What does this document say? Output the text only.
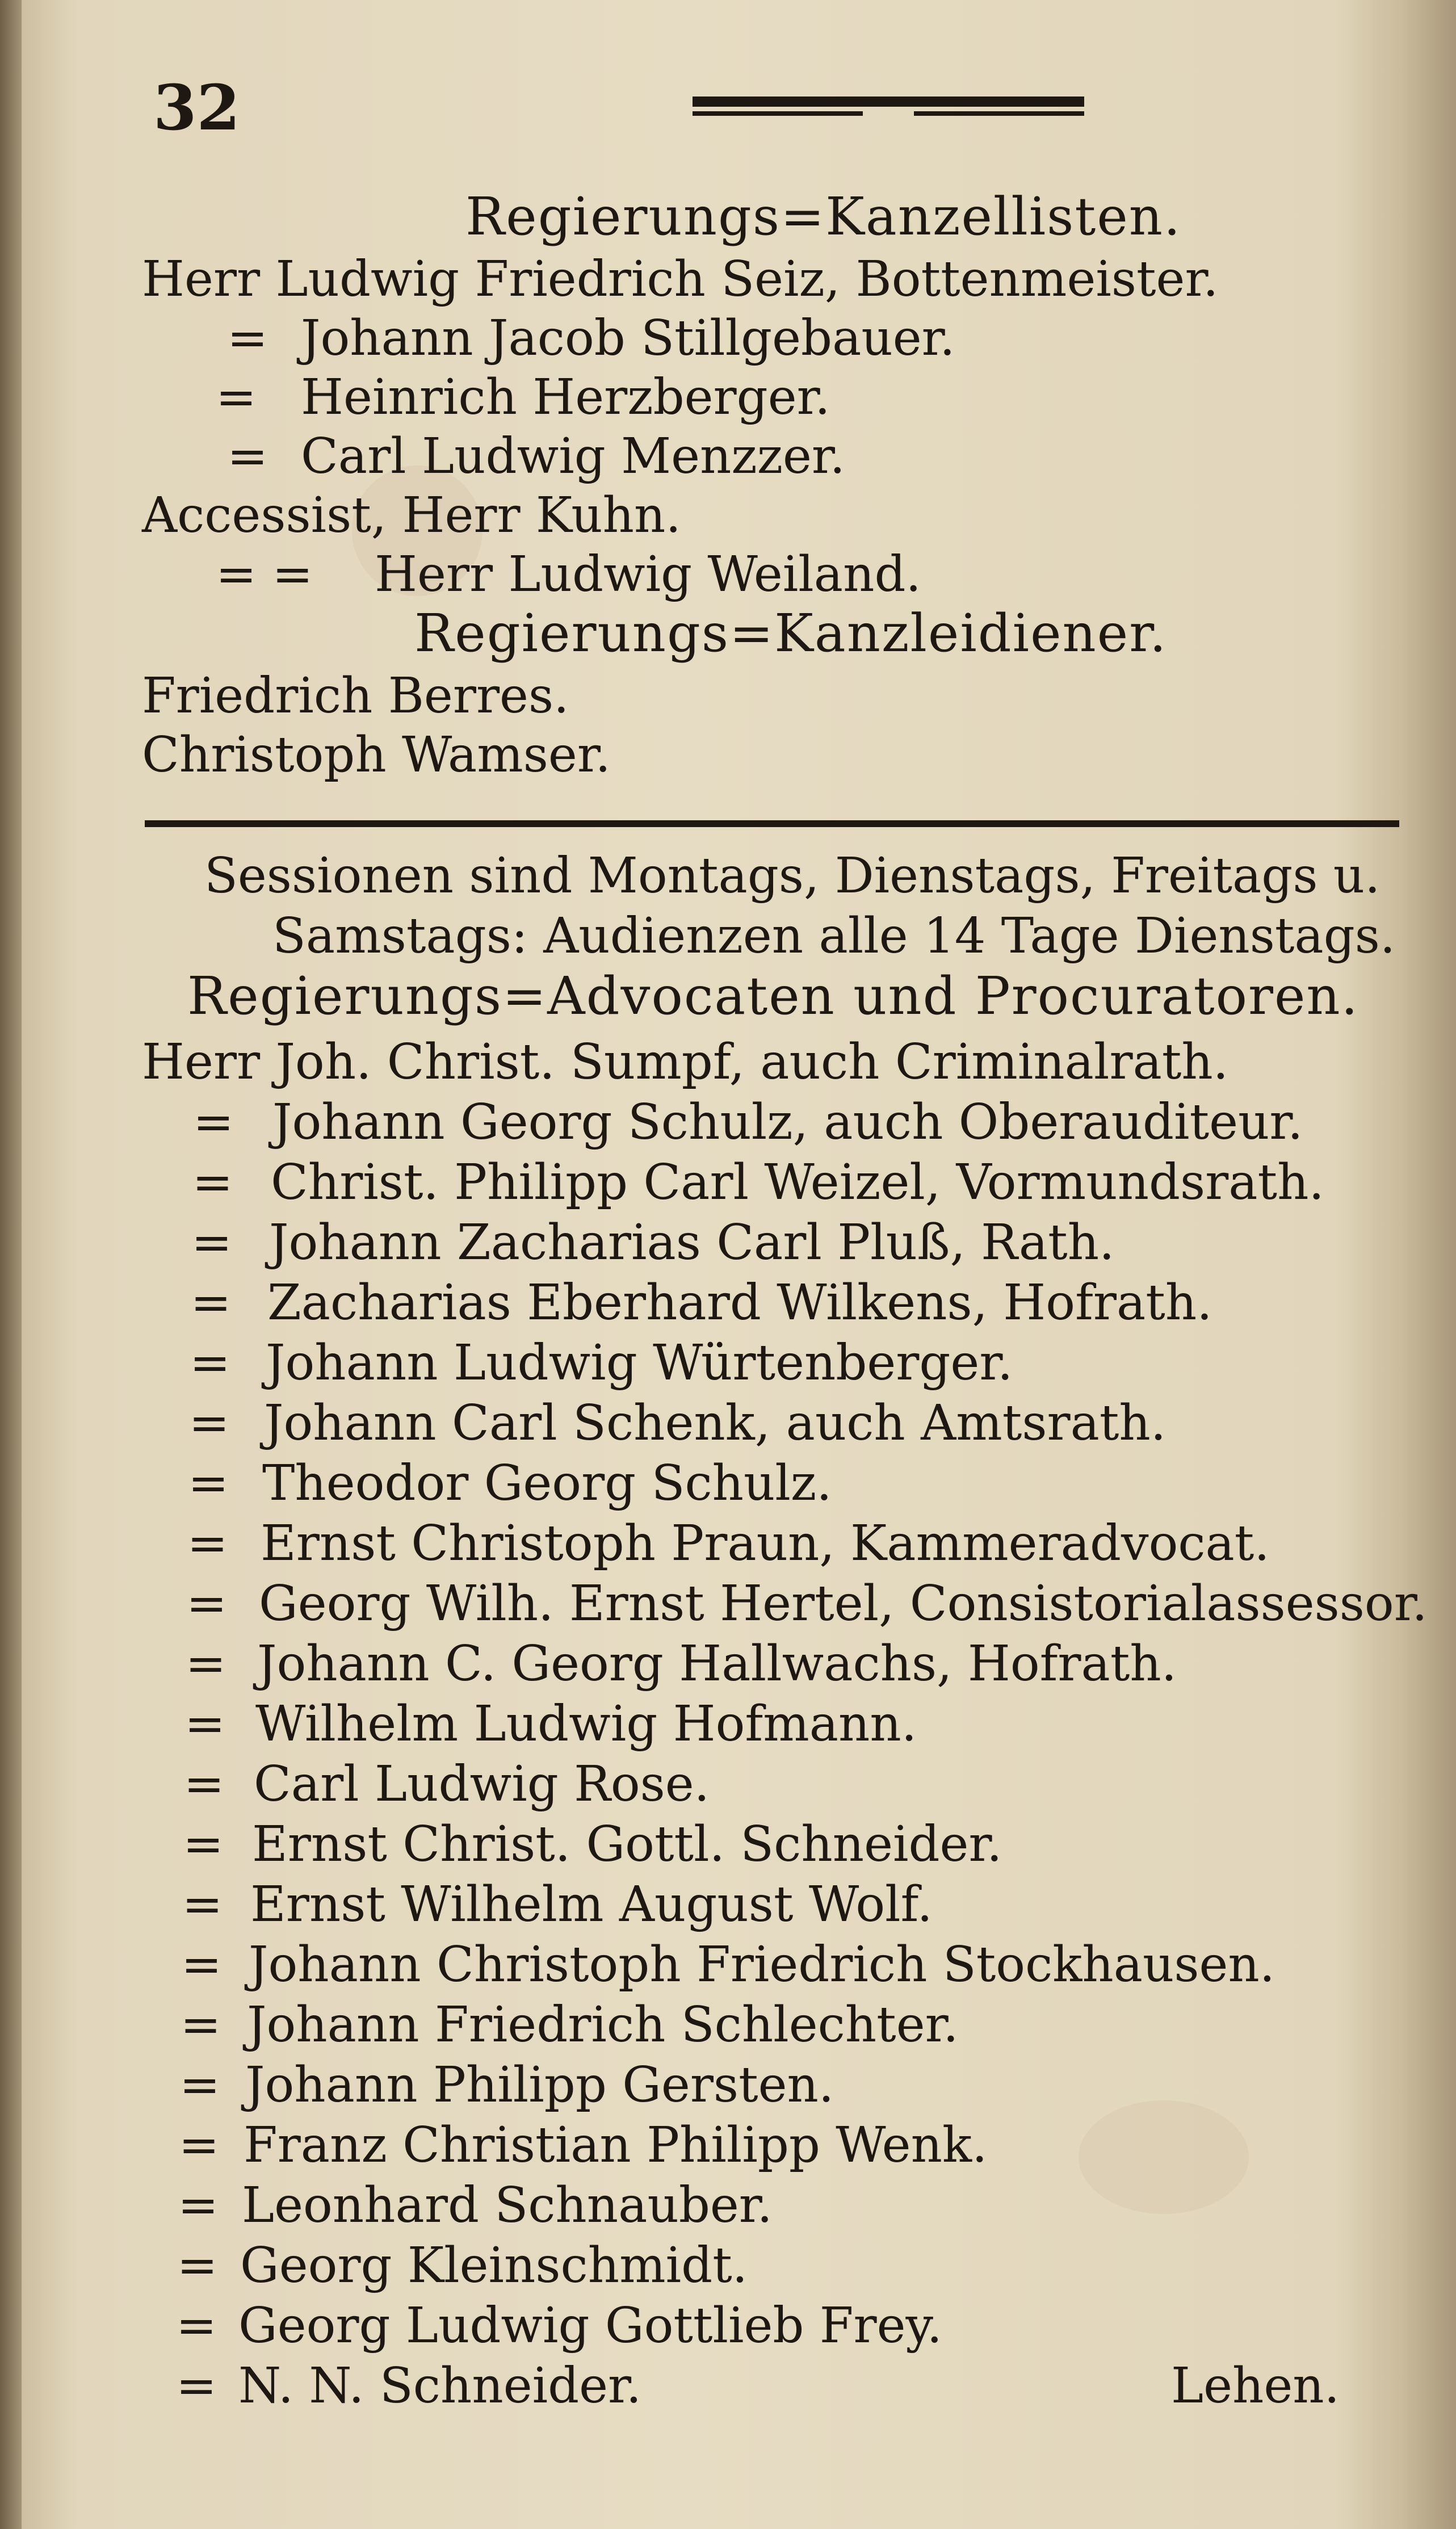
32
Regierungs=Kanzellisten.
Herr Ludwig Friedrich Seiz, Bottenmeister.
= Johann Jacob Stillgebauer.
= Heinrich Herzberger.
= Carl Ludwig Menzzer.
Accessist, Herr Kuhn.
= = Herr Ludwig Weiland.
Regierungs=Kanzleidiener.
Friedrich Berres.
Christoph Wamser.
Sessionen sind Montags, Dienstags, Freitags u.
Samstags: Audienzen alle 14 Tage Dienstags.
Regierungs=Advocaten und Procuratoren.
Herr Joh. Christ. Sumpf, auch Criminalrath.
= Johann Georg Schulz, auch Oberauditeur.
= Christ. Philipp Carl Weizel, Vormundsrath.
= Johann Zacharias Carl Pluß, Rath.
= Zacharias Eberhard Wilkens, Hofrath.
= Johann Ludwig Würtenberger.
= Johann Carl Schenk, auch Amtsrath.
= Theodor Georg Schulz.
= Ernst Christoph Praun, Kammeradvocat.
= Georg Wilh. Ernst Hertel, Consistorialassessor.
= Johann C. Georg Hallwachs, Hofrath.
= Wilhelm Ludwig Hofmann.
= Carl Ludwig Rose.
= Ernst Christ. Gottl. Schneider.
= Ernst Wilhelm August Wolf.
= Johann Christoph Friedrich Stockhausen.
= Johann Friedrich Schlechter.
= Johann Philipp Gersten.
= Franz Christian Philipp Wenk.
= Leonhard Schnauber.
= Georg Kleinschmidt.
= Georg Ludwig Gottlieb Frey.
= N. N. Schneider.	Lehen.
